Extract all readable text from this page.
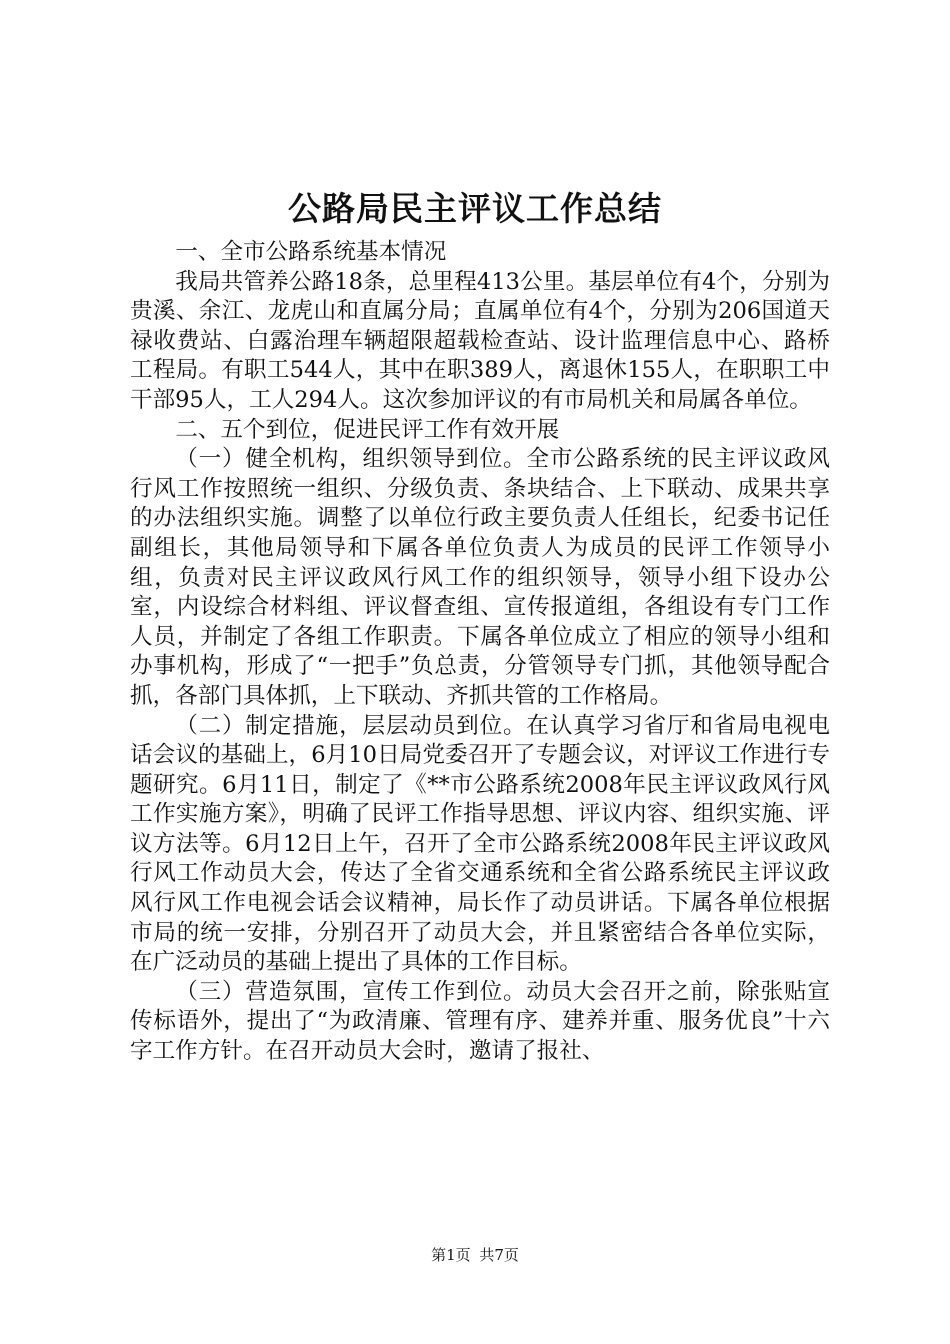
公路局民主评议工作总结

一、全市公路系统基本情况

我局共管养公路18条，总里程413公里。基层单位有4个，分别为贵溪、余江、龙虎山和直属分局；直属单位有4个，分别为206国道天禄收费站、白露治理车辆超限超载检查站、设计监理信息中心、路桥工程局。有职工544人，其中在职389人，离退休155人，在职职工中干部95人，工人294人。这次参加评议的有市局机关和局属各单位。

二、五个到位，促进民评工作有效开展

（一）健全机构，组织领导到位。全市公路系统的民主评议政风行风工作按照统一组织、分级负责、条块结合、上下联动、成果共享的办法组织实施。调整了以单位行政主要负责人任组长，纪委书记任副组长，其他局领导和下属各单位负责人为成员的民评工作领导小组，负责对民主评议政风行风工作的组织领导，领导小组下设办公室，内设综合材料组、评议督查组、宣传报道组，各组设有专门工作人员，并制定了各组工作职责。下属各单位成立了相应的领导小组和办事机构，形成了“一把手”负总责，分管领导专门抓，其他领导配合抓，各部门具体抓，上下联动、齐抓共管的工作格局。

（二）制定措施，层层动员到位。在认真学习省厅和省局电视电话会议的基础上，6月10日局党委召开了专题会议，对评议工作进行专题研究。6月11日，制定了《**市公路系统2008年民主评议政风行风工作实施方案》，明确了民评工作指导思想、评议内容、组织实施、评议方法等。6月12日上午，召开了全市公路系统2008年民主评议政风行风工作动员大会，传达了全省交通系统和全省公路系统民主评议政风行风工作电视会话会议精神，局长作了动员讲话。下属各单位根据市局的统一安排，分别召开了动员大会，并且紧密结合各单位实际，在广泛动员的基础上提出了具体的工作目标。

（三）营造氛围，宣传工作到位。动员大会召开之前，除张贴宣传标语外，提出了“为政清廉、管理有序、建养并重、服务优良”十六字工作方针。在召开动员大会时，邀请了报社、

第1页 共7页
